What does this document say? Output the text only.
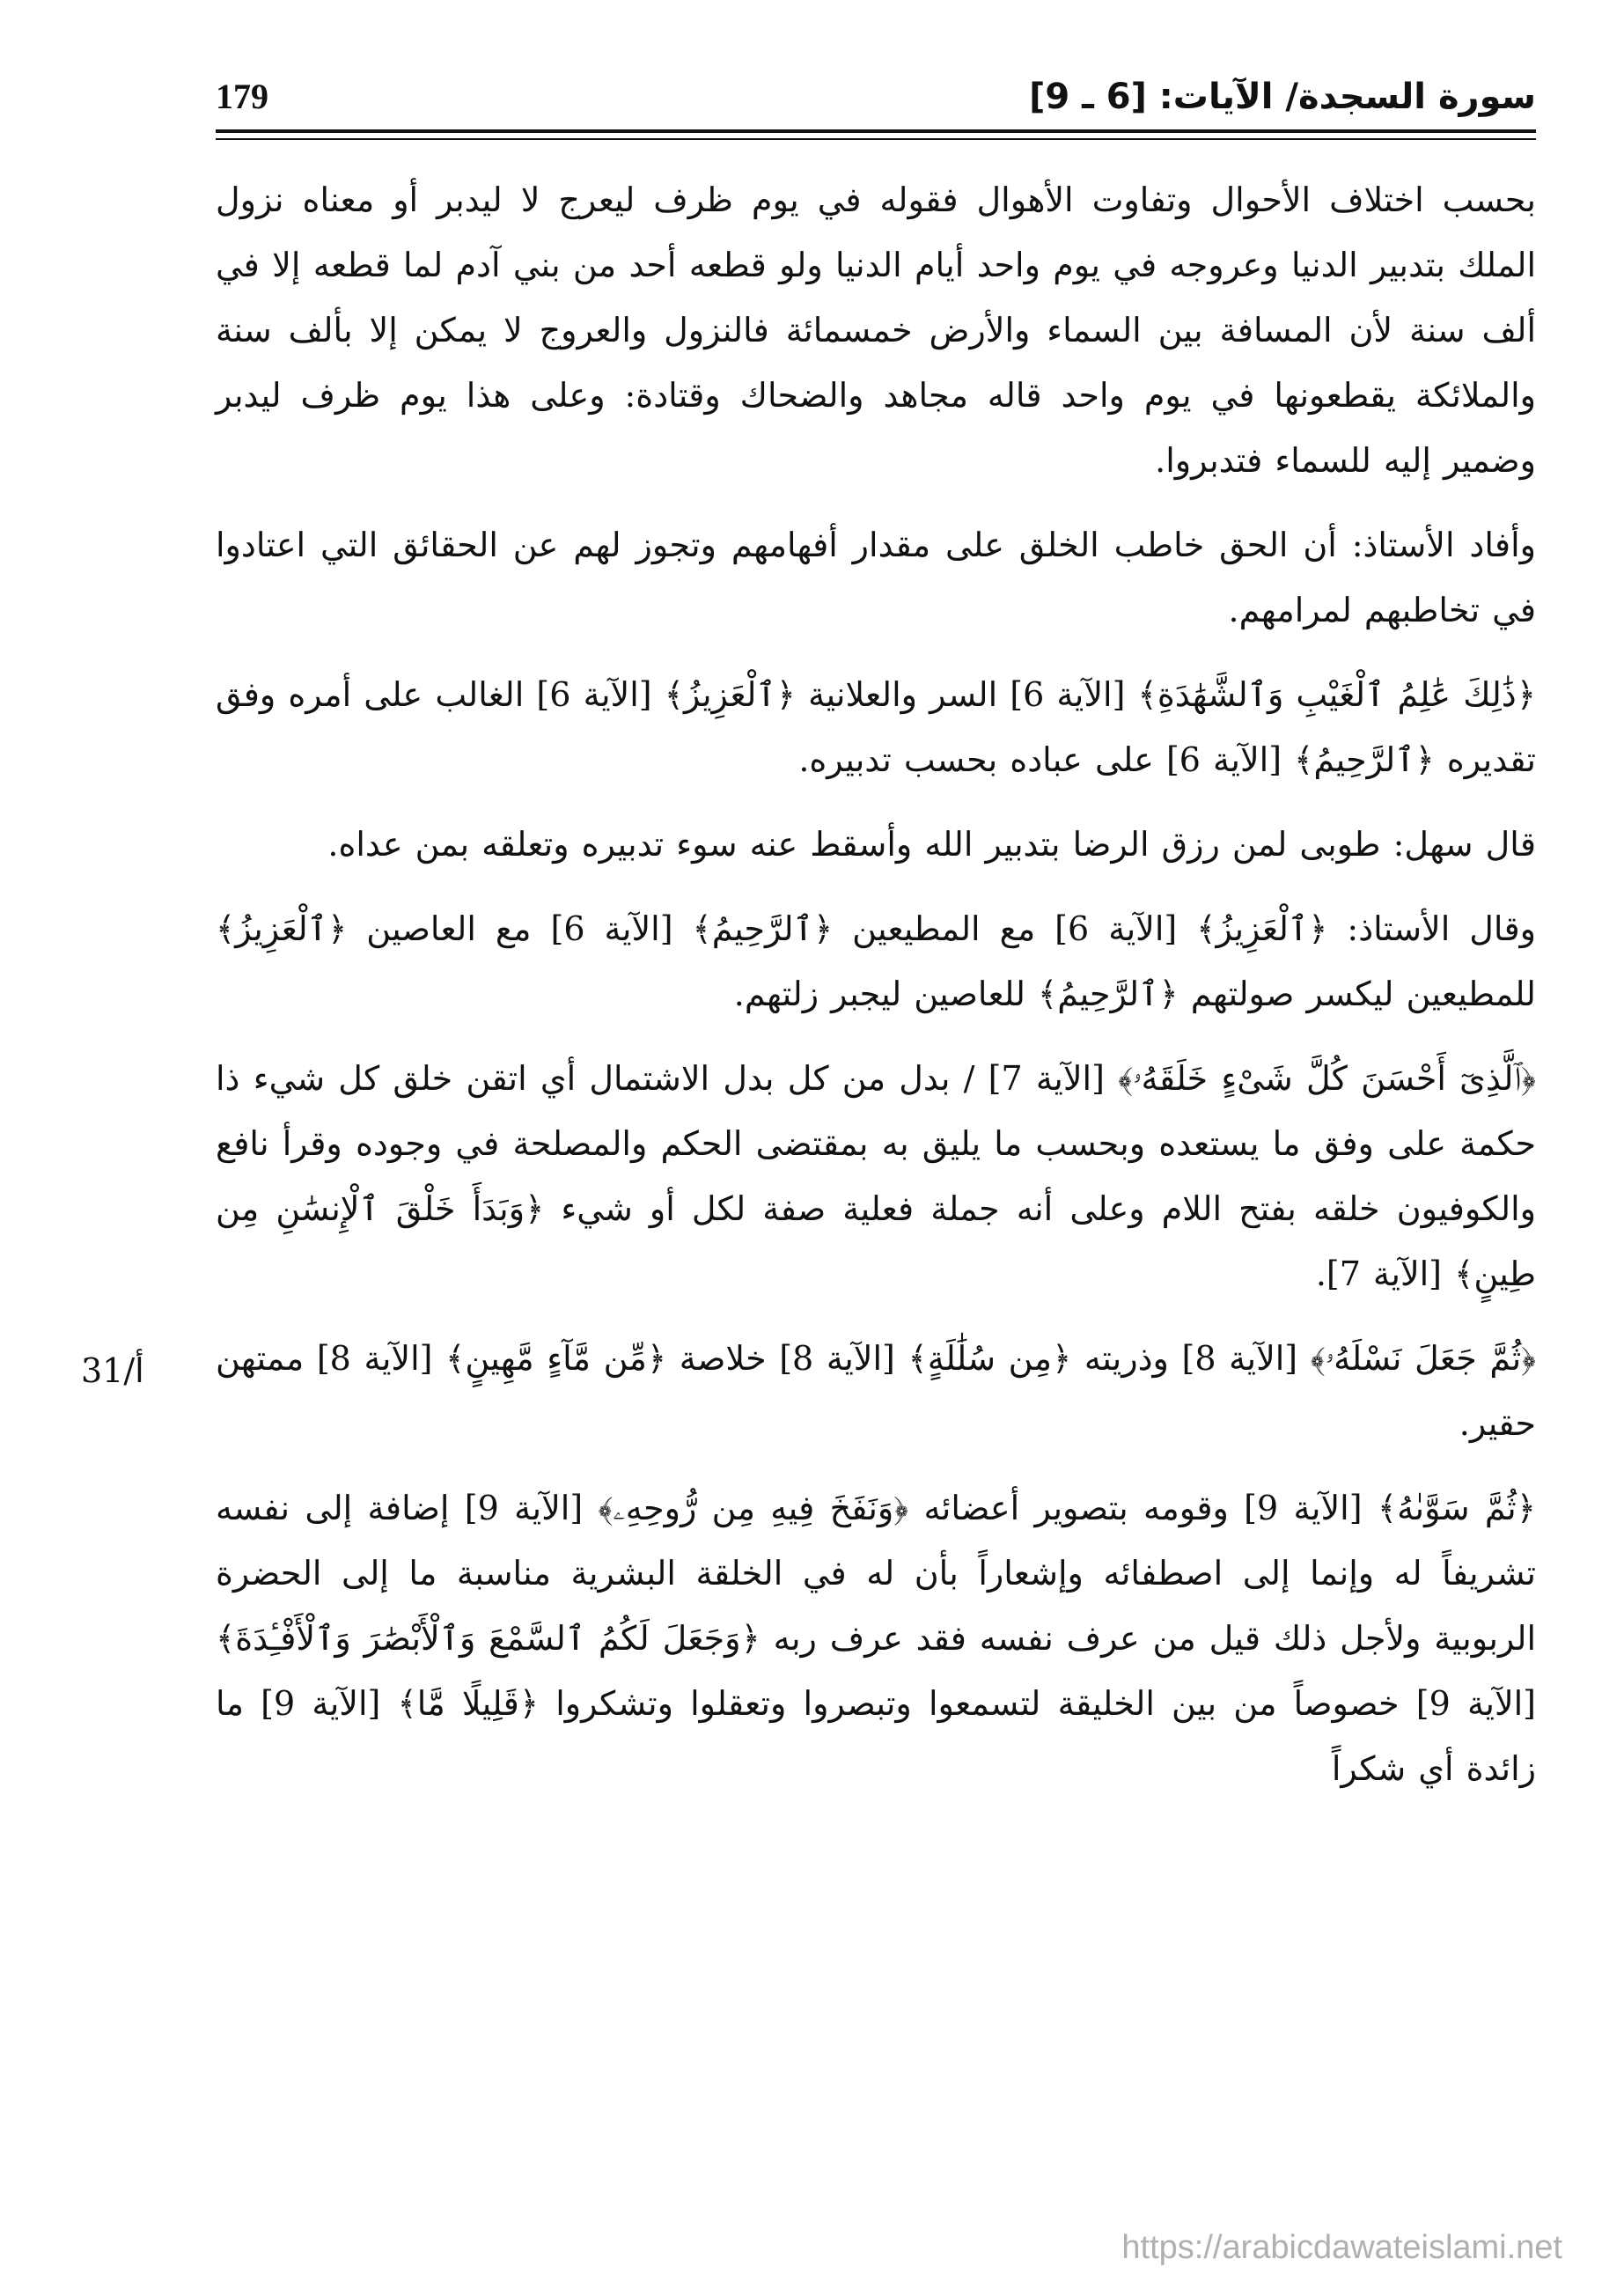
سورة السجدة/ الآيات: [6 ـ 9]
179

بحسب اختلاف الأحوال وتفاوت الأهوال فقوله في يوم ظرف ليعرج لا ليدبر أو معناه نزول الملك بتدبير الدنيا وعروجه في يوم واحد أيام الدنيا ولو قطعه أحد من بني آدم لما قطعه إلا في ألف سنة لأن المسافة بين السماء والأرض خمسمائة فالنزول والعروج لا يمكن إلا بألف سنة والملائكة يقطعونها في يوم واحد قاله مجاهد والضحاك وقتادة: وعلى هذا يوم ظرف ليدبر وضمير إليه للسماء فتدبروا.

وأفاد الأستاذ: أن الحق خاطب الخلق على مقدار أفهامهم وتجوز لهم عن الحقائق التي اعتادوا في تخاطبهم لمرامهم.

﴿ذَٰلِكَ عَٰلِمُ ٱلْغَيْبِ وَٱلشَّهَٰدَةِ﴾ [الآية 6] السر والعلانية ﴿ٱلْعَزِيزُ﴾ [الآية 6] الغالب على أمره وفق تقديره ﴿ٱلرَّحِيمُ﴾ [الآية 6] على عباده بحسب تدبيره.

قال سهل: طوبى لمن رزق الرضا بتدبير الله وأسقط عنه سوء تدبيره وتعلقه بمن عداه.

وقال الأستاذ: ﴿ٱلْعَزِيزُ﴾ [الآية 6] مع المطيعين ﴿ٱلرَّحِيمُ﴾ [الآية 6] مع العاصين ﴿ٱلْعَزِيزُ﴾ للمطيعين ليكسر صولتهم ﴿ٱلرَّحِيمُ﴾ للعاصين ليجبر زلتهم.

﴿ٱلَّذِىٓ أَحْسَنَ كُلَّ شَىْءٍ خَلَقَهُۥ﴾ [الآية 7] / بدل من كل بدل الاشتمال أي اتقن خلق كل شيء ذا حكمة على وفق ما يستعده وبحسب ما يليق به بمقتضى الحكم والمصلحة في وجوده وقرأ نافع والكوفيون خلقه بفتح اللام وعلى أنه جملة فعلية صفة لكل أو شيء ﴿وَبَدَأَ خَلْقَ ٱلْإِنسَٰنِ مِن طِينٍ﴾ [الآية 7].

﴿ثُمَّ جَعَلَ نَسْلَهُۥ﴾ [الآية 8] وذريته ﴿مِن سُلَٰلَةٍ﴾ [الآية 8] خلاصة ﴿مِّن مَّآءٍ مَّهِينٍ﴾ [الآية 8] ممتهن حقير.

﴿ثُمَّ سَوَّىٰهُ﴾ [الآية 9] وقومه بتصوير أعضائه ﴿وَنَفَخَ فِيهِ مِن رُّوحِهِۦ﴾ [الآية 9] إضافة إلى نفسه تشريفاً له وإنما إلى اصطفائه وإشعاراً بأن له في الخلقة البشرية مناسبة ما إلى الحضرة الربوبية ولأجل ذلك قيل من عرف نفسه فقد عرف ربه ﴿وَجَعَلَ لَكُمُ ٱلسَّمْعَ وَٱلْأَبْصَٰرَ وَٱلْأَفْـِٔدَةَ﴾ [الآية 9] خصوصاً من بين الخليقة لتسمعوا وتبصروا وتعقلوا وتشكروا ﴿قَلِيلًا مَّا﴾ [الآية 9] ما زائدة أي شكراً

31/أ
https://arabicdawateislami.net
